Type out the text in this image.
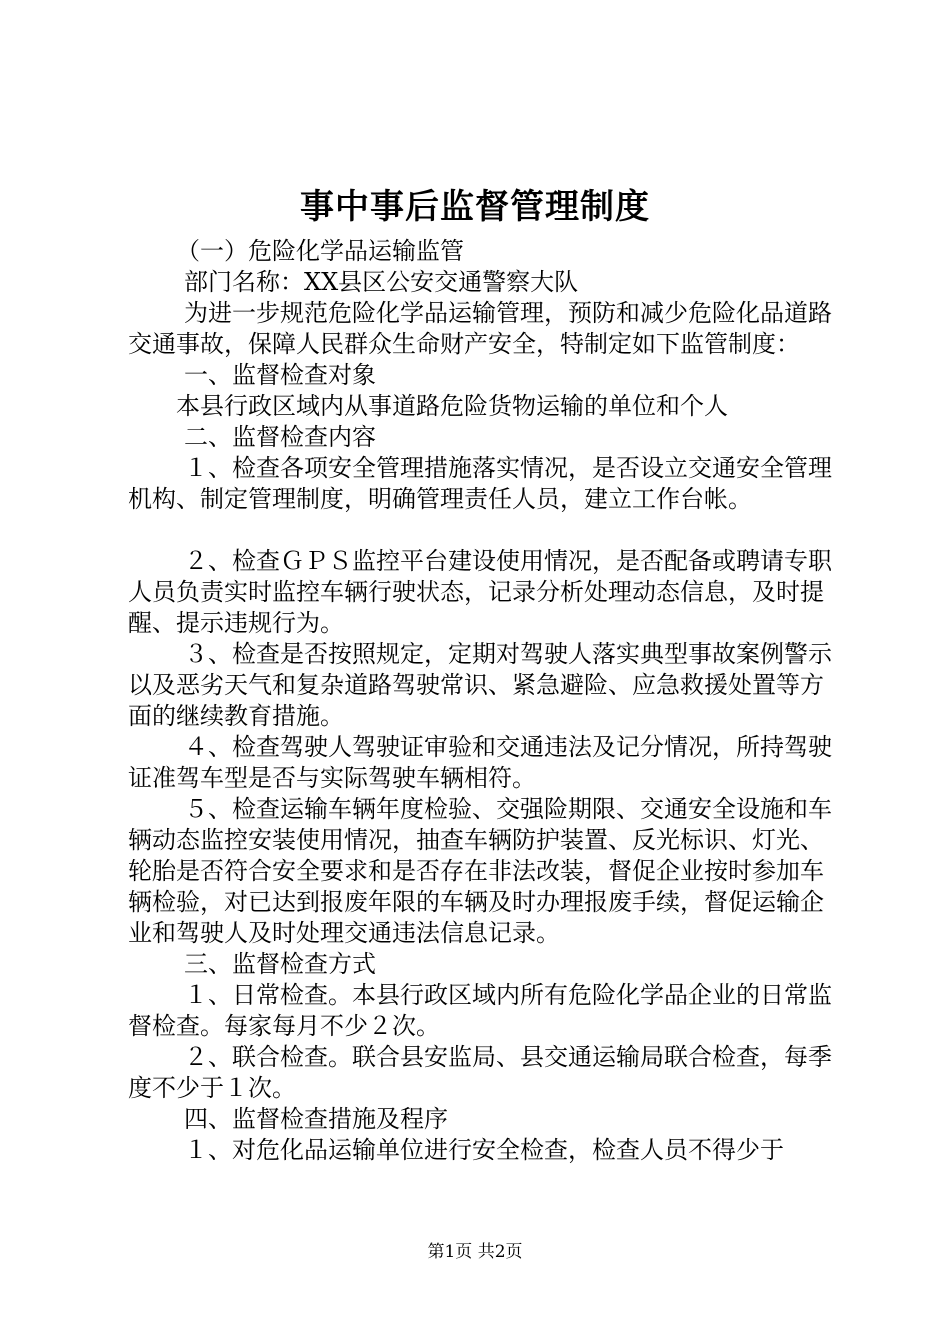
事中事后监督管理制度

（一）危险化学品运输监管

部门名称：XX县区公安交通警察大队

为进一步规范危险化学品运输管理，预防和减少危险化品道路交通事故，保障人民群众生命财产安全，特制定如下监管制度：

一、监督检查对象

本县行政区域内从事道路危险货物运输的单位和个人

二、监督检查内容

１、检查各项安全管理措施落实情况，是否设立交通安全管理机构、制定管理制度，明确管理责任人员，建立工作台帐。

２、检查ＧＰＳ监控平台建设使用情况，是否配备或聘请专职人员负责实时监控车辆行驶状态，记录分析处理动态信息，及时提醒、提示违规行为。

３、检查是否按照规定，定期对驾驶人落实典型事故案例警示以及恶劣天气和复杂道路驾驶常识、紧急避险、应急救援处置等方面的继续教育措施。

４、检查驾驶人驾驶证审验和交通违法及记分情况，所持驾驶证准驾车型是否与实际驾驶车辆相符。

５、检查运输车辆年度检验、交强险期限、交通安全设施和车辆动态监控安装使用情况，抽查车辆防护装置、反光标识、灯光、轮胎是否符合安全要求和是否存在非法改装，督促企业按时参加车辆检验，对已达到报废年限的车辆及时办理报废手续，督促运输企业和驾驶人及时处理交通违法信息记录。

三、监督检查方式

１、日常检查。本县行政区域内所有危险化学品企业的日常监督检查。每家每月不少２次。

２、联合检查。联合县安监局、县交通运输局联合检查，每季度不少于１次。

四、监督检查措施及程序

１、对危化品运输单位进行安全检查，检查人员不得少于

第1页 共2页
